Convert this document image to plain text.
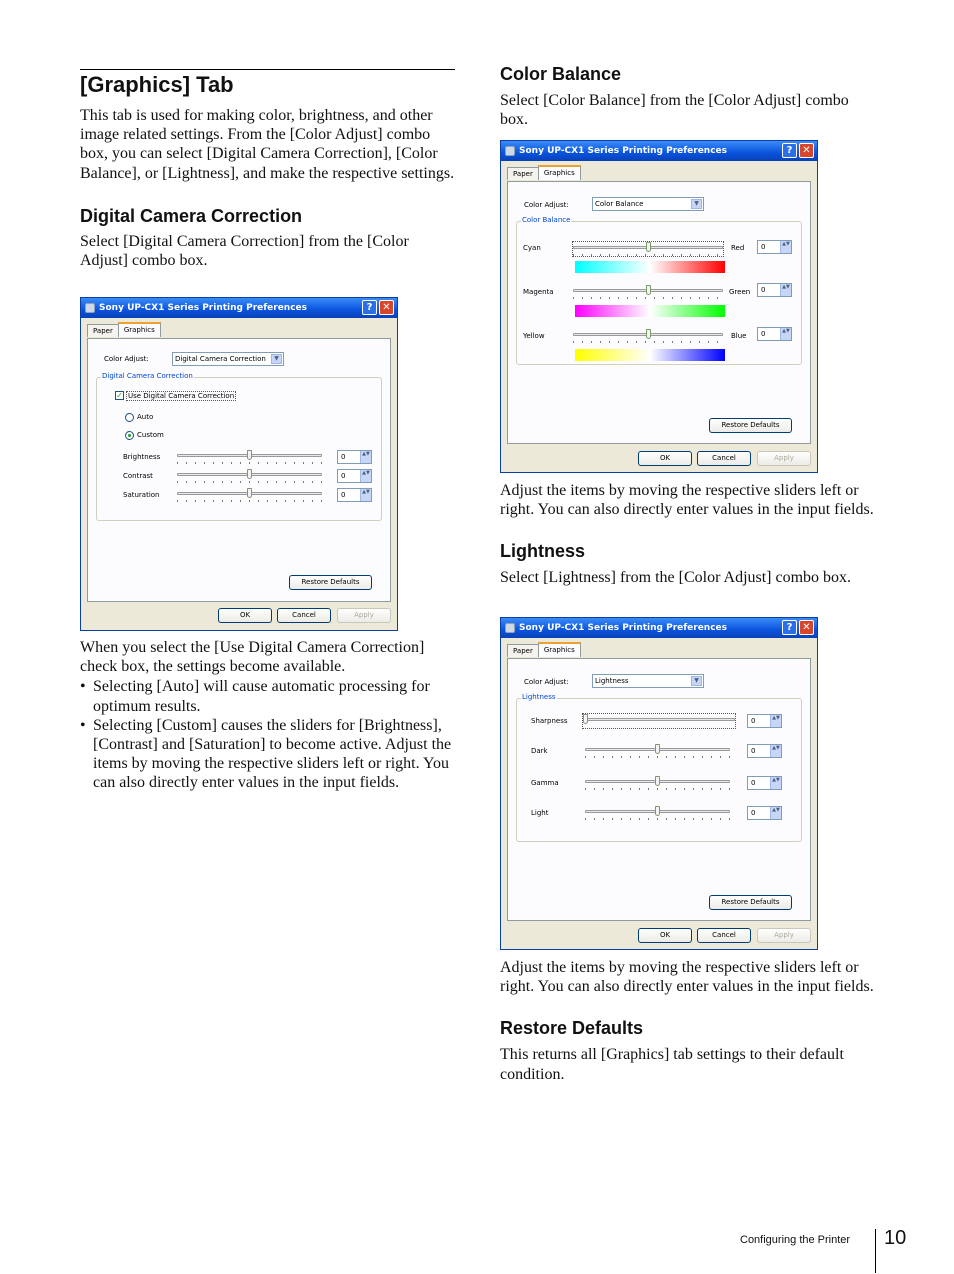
[Graphics] Tab

This tab is used for making color, brightness, and other image related settings. From the [Color Adjust] combo box, you can select [Digital Camera Correction], [Color Balance], or [Lightness], and make the respective settings.

Digital Camera Correction

Select [Digital Camera Correction] from the [Color Adjust] combo box.

When you select the [Use Digital Camera Correction] check box, the settings become available.

• Selecting [Auto] will cause automatic processing for optimum results.
• Selecting [Custom] causes the sliders for [Brightness], [Contrast] and [Saturation] to become active. Adjust the items by moving the respective sliders left or right. You can also directly enter values in the input fields.
Sony UP-CX1 Series Printing Preferences	? ✕
Paper	Graphics
Color Adjust:	Digital Camera Correction	▼
Digital Camera Correction
✓ Use Digital Camera Correction
Auto
Custom
Brightness	0	▲▼
Contrast	0	▲▼
Saturation	0	▲▼
Restore Defaults
OK	Cancel	Apply
Color Balance

Select [Color Balance] from the [Color Adjust] combo box.

Sony UP-CX1 Series Printing Preferences	? ✕
Paper	Graphics
Color Adjust:	Color Balance	▼
Color Balance
Cyan	Red	0	▲▼
Magenta	Green	0	▲▼
Yellow	Blue	0	▲▼
Restore Defaults
OK	Cancel	Apply

Adjust the items by moving the respective sliders left or right. You can also directly enter values in the input fields.

Lightness

Select [Lightness] from the [Color Adjust] combo box.

Sony UP-CX1 Series Printing Preferences	? ✕
Paper	Graphics
Color Adjust:	Lightness	▼
Lightness
Sharpness	0	▲▼
Dark	0	▲▼
Gamma	0	▲▼
Light	0	▲▼
Restore Defaults
OK	Cancel	Apply

Adjust the items by moving the respective sliders left or right. You can also directly enter values in the input fields.

Restore Defaults

This returns all [Graphics] tab settings to their default condition.

Configuring the Printer 10
